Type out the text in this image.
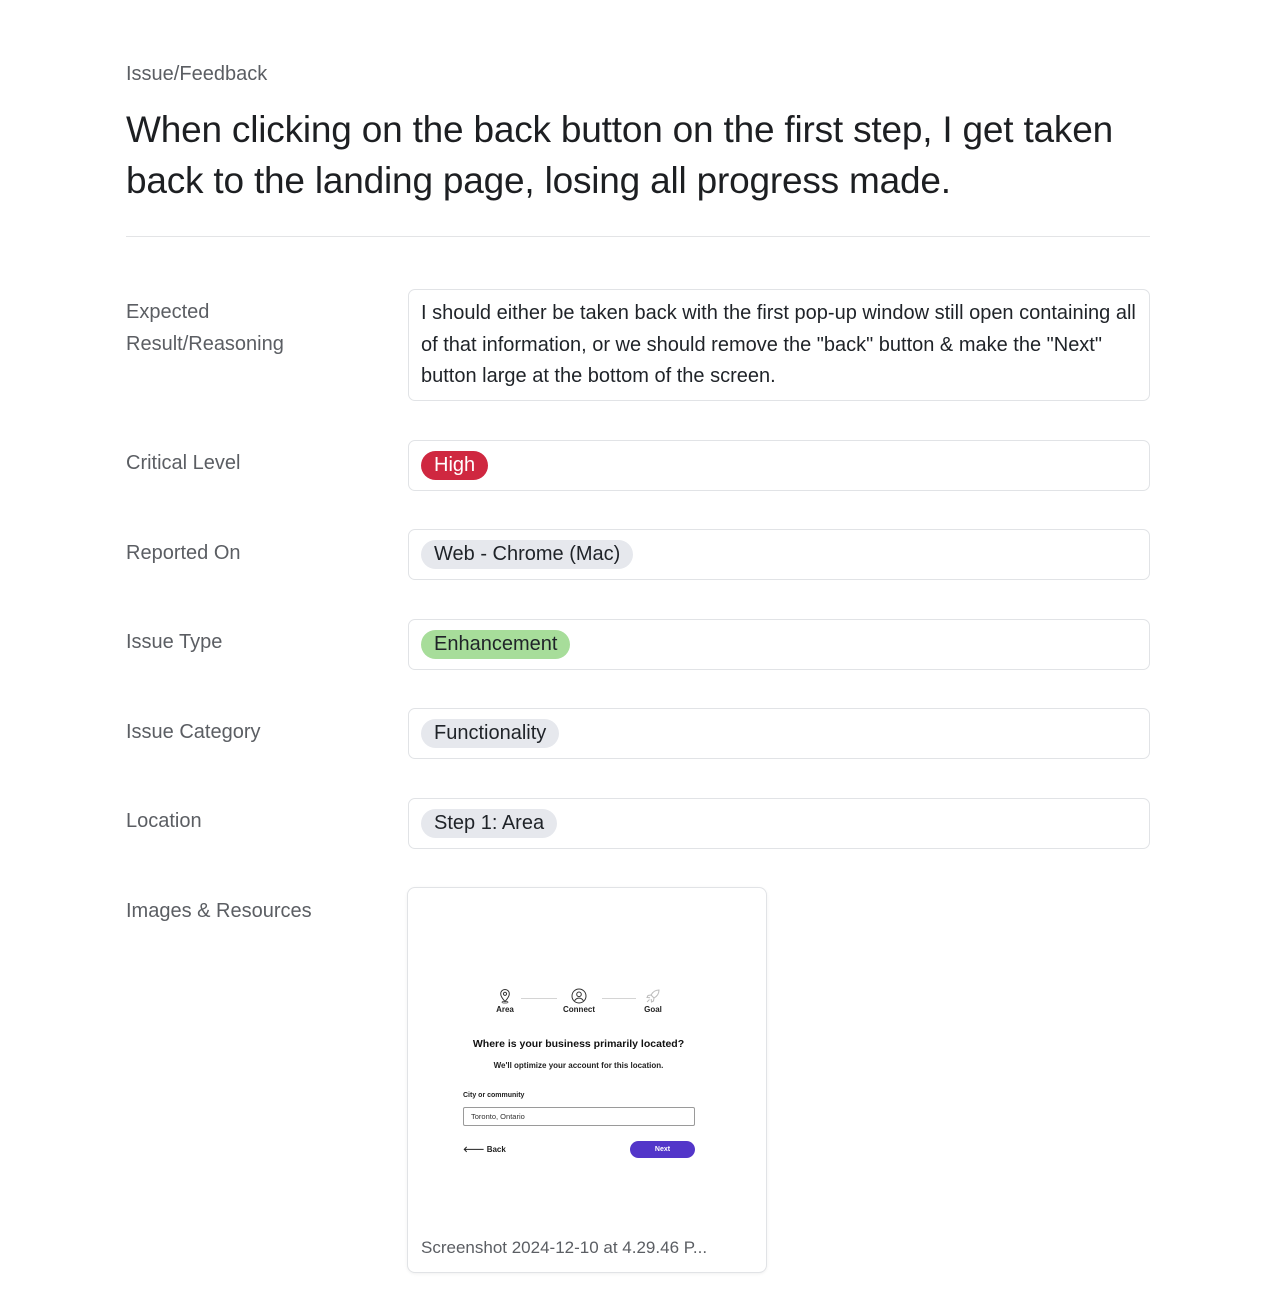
Issue/Feedback
When clicking on the back button on the first step, I get taken back to the landing page, losing all progress made.
Expected
Result/Reasoning
I should either be taken back with the first pop-up window still open containing all of that information, or we should remove the "back" button & make the "Next" button large at the bottom of the screen.
Critical Level	High
Reported On	Web - Chrome (Mac)
Issue Type	Enhancement
Issue Category	Functionality
Location	Step 1: Area
Images & Resources
Area	Connect	Goal
Where is your business primarily located?
We'll optimize your account for this location.
City or community
Toronto, Ontario
🡐 Back	Next
Screenshot 2024-12-10 at 4.29.46 P...
